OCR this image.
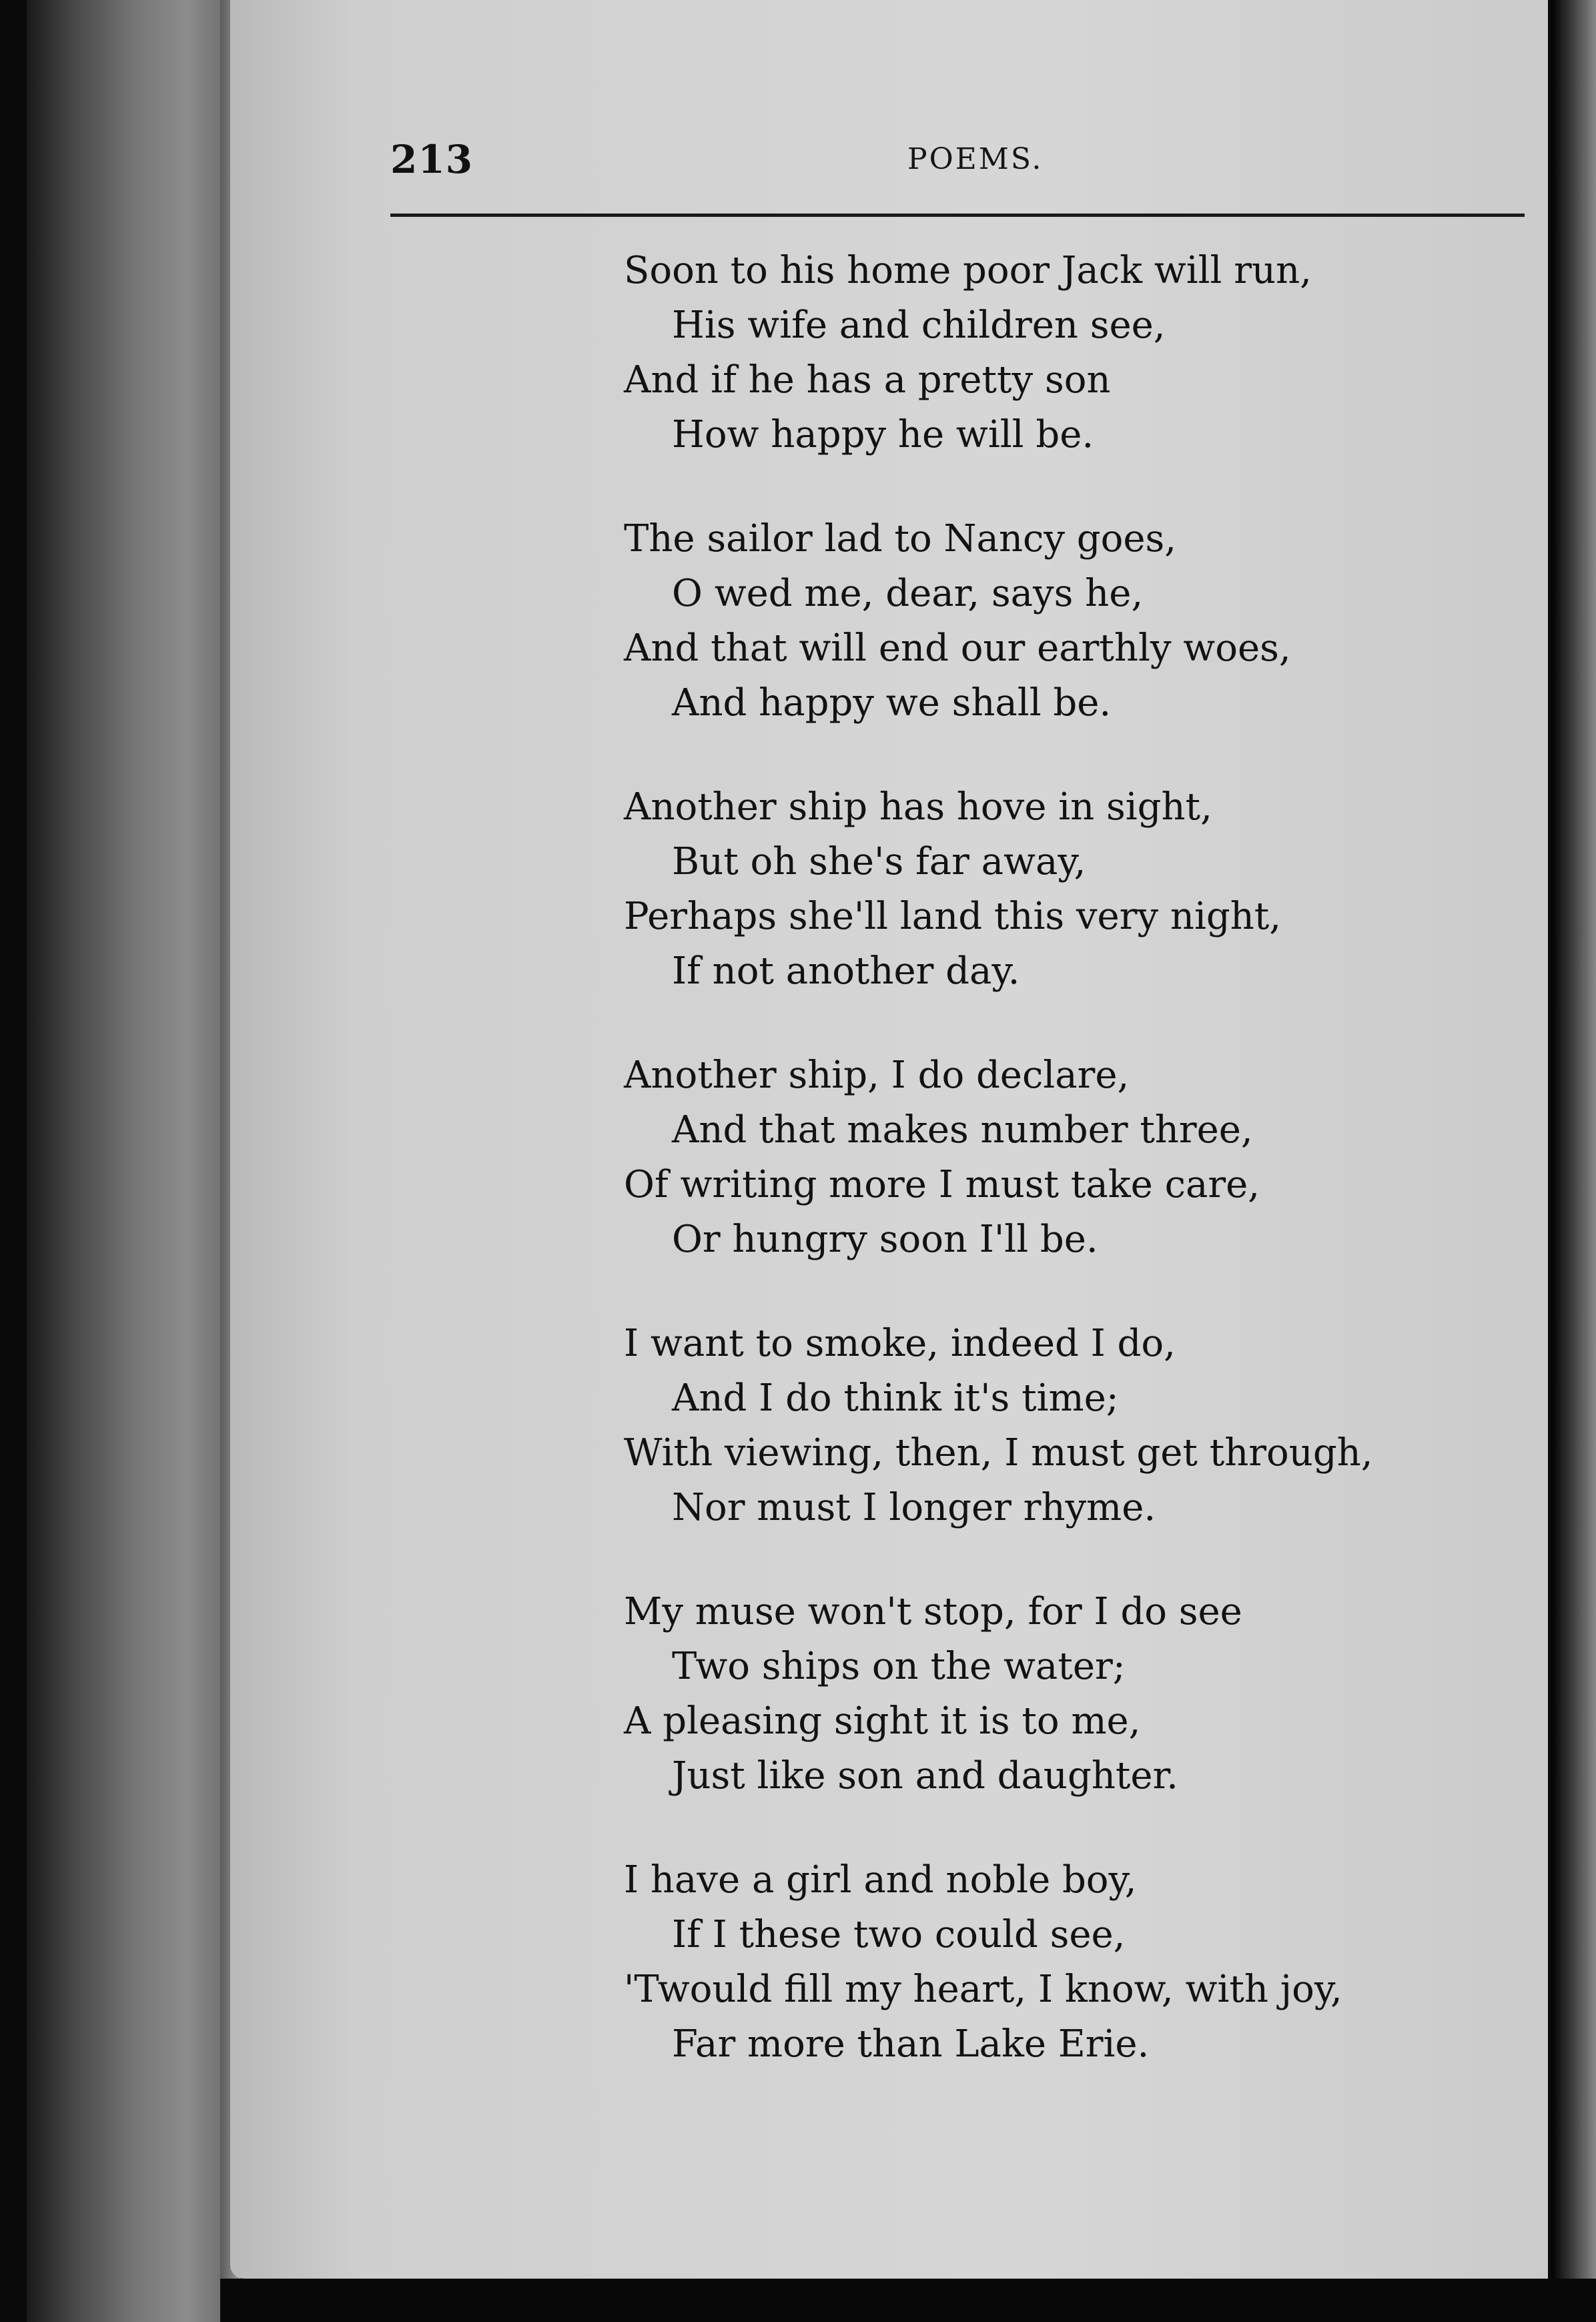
213	POEMS.
Soon to his home poor Jack will run,
His wife and children see,
And if he has a pretty son
How happy he will be.
The sailor lad to Nancy goes,
O wed me, dear, says he,
And that will end our earthly woes,
And happy we shall be.
Another ship has hove in sight,
But oh she's far away,
Perhaps she'll land this very night,
If not another day.
Another ship, I do declare,
And that makes number three,
Of writing more I must take care,
Or hungry soon I'll be.
I want to smoke, indeed I do,
And I do think it's time;
With viewing, then, I must get through,
Nor must I longer rhyme.
My muse won't stop, for I do see
Two ships on the water;
A pleasing sight it is to me,
Just like son and daughter.
I have a girl and noble boy,
If I these two could see,
'Twould fill my heart, I know, with joy,
Far more than Lake Erie.
